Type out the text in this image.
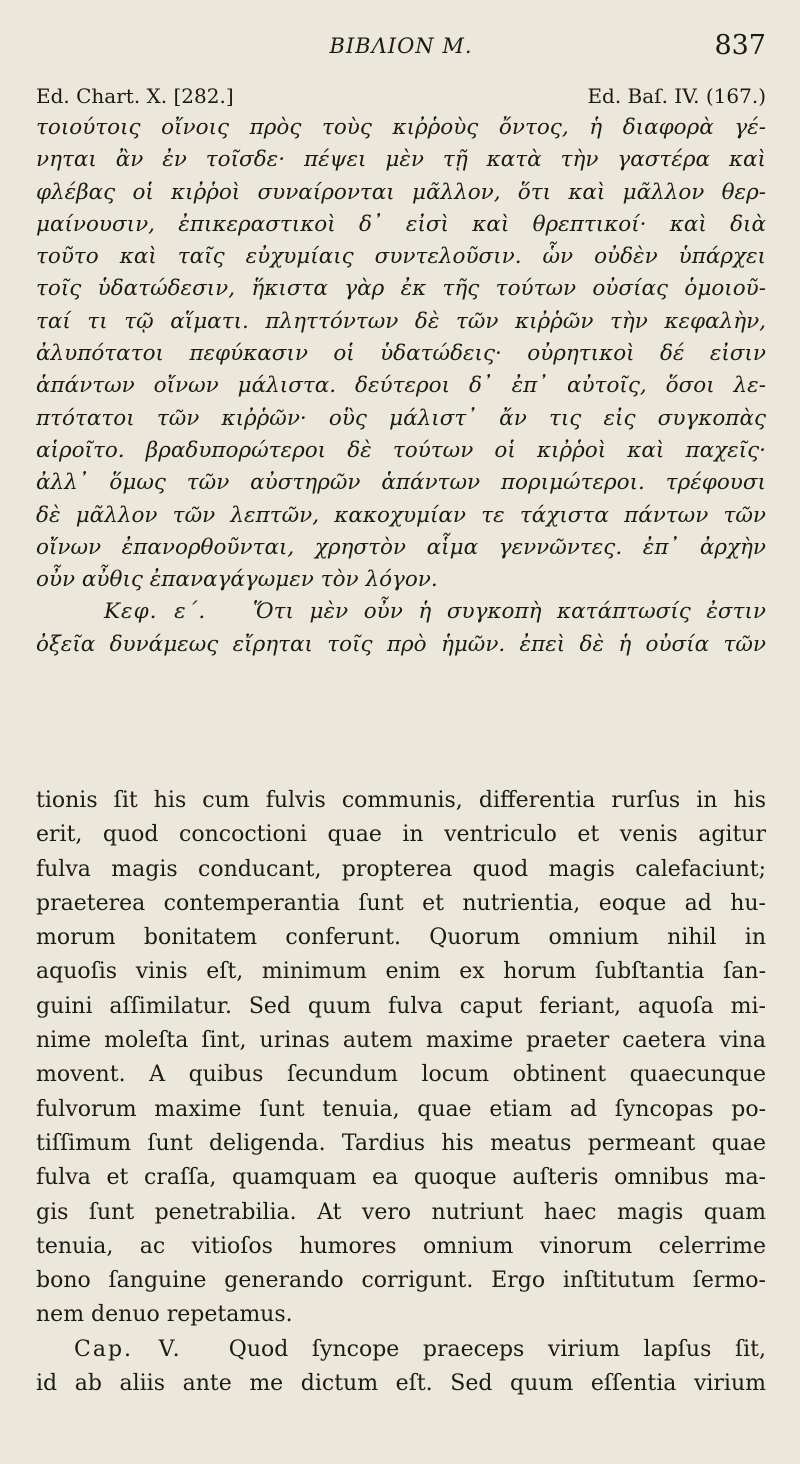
ΒΙΒΛΙΟΝ Μ.	837
Ed. Chart. X. [282.]	Ed. Baſ. IV. (167.)
τοιούτοις οἴνοις πρὸς τοὺς κιῤῥοὺς ὄντος, ἡ διαφορὰ γέ-
νηται ἂν ἐν τοῖσδε· πέψει μὲν τῇ κατὰ τὴν γαστέρα καὶ
φλέβας οἱ κιῤῥοὶ συναίρονται μᾶλλον, ὅτι καὶ μᾶλλον θερ-
μαίνουσιν, ἐπικεραστικοὶ δ᾽ εἰσὶ καὶ θρεπτικοί· καὶ διὰ
τοῦτο καὶ ταῖς εὐχυμίαις συντελοῦσιν. ὧν οὐδὲν ὑπάρχει
τοῖς ὑδατώδεσιν, ἥκιστα γὰρ ἐκ τῆς τούτων οὐσίας ὁμοιοῦ-
ταί τι τῷ αἵματι. πληττόντων δὲ τῶν κιῤῥῶν τὴν κεφαλὴν,
ἀλυπότατοι πεφύκασιν οἱ ὑδατώδεις· οὐρητικοὶ δέ εἰσιν
ἁπάντων οἴνων μάλιστα. δεύτεροι δ᾽ ἐπ᾽ αὐτοῖς, ὅσοι λε-
πτότατοι τῶν κιῤῥῶν· οὓς μάλιστ᾽ ἄν τις εἰς συγκοπὰς
αἱροῖτο. βραδυπορώτεροι δὲ τούτων οἱ κιῤῥοὶ καὶ παχεῖς·
ἀλλ᾽ ὅμως τῶν αὐστηρῶν ἁπάντων ποριμώτεροι. τρέφουσι
δὲ μᾶλλον τῶν λεπτῶν, κακοχυμίαν τε τάχιστα πάντων τῶν
οἴνων ἐπανορθοῦνται, χρηστὸν αἷμα γεννῶντες. ἐπ᾽ ἀρχὴν
οὖν αὖθις ἐπαναγάγωμεν τὸν λόγον.
Κεφ. ε΄. Ὅτι μὲν οὖν ἡ συγκοπὴ κατάπτωσίς ἐστιν
ὀξεῖα δυνάμεως εἴρηται τοῖς πρὸ ἡμῶν. ἐπεὶ δὲ ἡ οὐσία τῶν
tionis ſit his cum fulvis communis, differentia rurſus in his
erit, quod concoctioni quae in ventriculo et venis agitur
fulva magis conducant, propterea quod magis calefaciunt;
praeterea contemperantia ſunt et nutrientia, eoque ad hu-
morum bonitatem conferunt. Quorum omnium nihil in
aquoſis vinis eſt, minimum enim ex horum ſubſtantia ſan-
guini aſſimilatur. Sed quum fulva caput feriant, aquoſa mi-
nime moleſta ſint, urinas autem maxime praeter caetera vina
movent. A quibus ſecundum locum obtinent quaecunque
fulvorum maxime ſunt tenuia, quae etiam ad ſyncopas po-
tiſſimum ſunt deligenda. Tardius his meatus permeant quae
fulva et craſſa, quamquam ea quoque auſteris omnibus ma-
gis ſunt penetrabilia. At vero nutriunt haec magis quam
tenuia, ac vitioſos humores omnium vinorum celerrime
bono ſanguine generando corrigunt. Ergo inſtitutum ſermo-
nem denuo repetamus.
Cap. V. Quod ſyncope praeceps virium lapſus ſit,
id ab aliis ante me dictum eſt. Sed quum eſſentia virium
